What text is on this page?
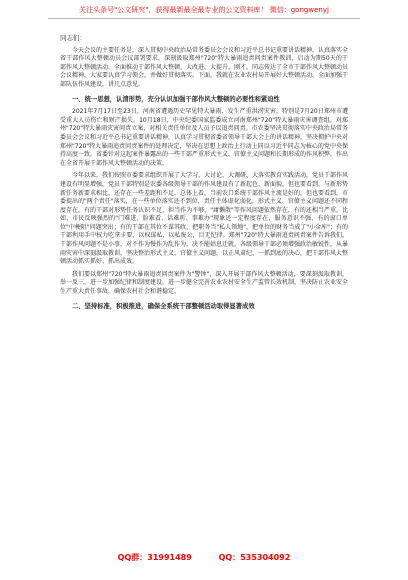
关注头条号"公文研究"，获得最新最全最专业的公文资料库！ 微信：gongwenyj

同志们：

今天会议的主要任务是，深入贯彻中央政治局常务委员会会议和习近平总书记重要讲话精神，认真落实全省干部作风大整顿动员会议部署要求，深刻汲取郑州"720"特大暴雨追责问责案件教训，启动为期50天的干部作风大整顿活动，全面推动干部作风大整顿、大改进、大提升。刚才，同志传达了全市干部作风大整顿动员会议精神，大家要认真学习领会，并做好贯彻落实。下面，我就在农业农村局开展好大整顿活动，全面加强干部队伍作风建设，讲几点意见。

一、统一思想，认清形势，充分认识加强干部作风大整顿的必要性和紧迫性

2021年7月17日至23日，河南省遭遇历史罕见特大暴雨，发生严重洪涝灾害，特别是7月20日郑州市遭受重大人员伤亡和财产损失。10月18日，中央纪委国家监委成立河南郑州"720"特大暴雨灾害调查组，对郑州"720"特大暴雨灾害问责立案，对相关责任单位及人员予以追责问责。市农委坚决贯彻落实中央政治局常务委员会会议和习近平总书记重要讲话精神，认真学习贯彻省委省领导干部大会上的讲话精神，坚决拥护中央对郑州"720"特大暴雨追责问责案件的处理决定，坚决在思想上政治上行动上同以习近平同志为核心的党中央保持高度一致。省委针对这起案件暴露出的一些干部严重形式主义、官僚主义问题和长期形成的作风积弊，作出在全省开展干部作风大整顿活动的决策。

今年以来，我们按照市委要求组织开展了大学习、大讨论、大调研、大落实教育实践活动，党员干部作风建设有明显增强，党员干部特别是农委各级领导干部的作风建设有了新起色、新面貌，但也要看到，与新形势新任务新要求相比，还存在一些差距和不足。总体上看，当前农口系统干部作风主流是好的，但也要看到，市委提出的"两个责任"落实，在一些单位落实还不到位，责任主体虚化弱化，形式主义、官僚主义问题还不同程度存在，有的干部对形势任务认识不足，担当作为不够，"庸懒散"等作风问题依然存在，有的还相当严重。比如，市民反映强烈的"门难进、脸难看、话难听、事难办"现象还一定程度存在，服务意识不强，有的窗口单位"中梗阻"问题突出；有的干部在其位不谋其政，把职务当"私人领地"，把单位的财务当成了"小金库"；有的干部利用手中权力吃拿卡要，以权谋私，以私废公，目无纪律。郑州"720"特大暴雨追责问责案件告诉我们，干部作风问题不是小事，对不作为慢作为乱作为，决不能姑息迁就。各级领导干部必须增强政治敏锐性，从暴雨灾害中深刻汲取教训，坚决整治形式主义、官僚主义问题，以正风肃纪、一抓到底的决心，把干部作风大整顿活动抓实抓好、抓出成效。

我们要以郑州"720"特大暴雨追责问责案件为"警钟"，深入开展干部作风大整顿活动，要深刻汲取教训，举一反三，进一步加强纪律和制度建设，进一步健全完善农业农村安全生产监管长效机制，坚决防止农业安全生产重大责任事故，确保农村社会和谐稳定。

二、坚持标准，积极推进，确保全系统干部整顿活动取得显著成效
QQ群：31991489	QQ：535304092
